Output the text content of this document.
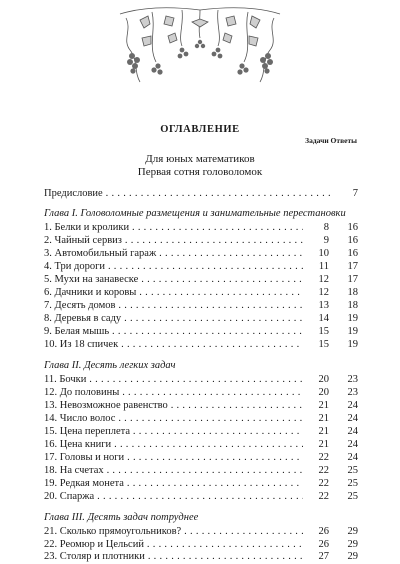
ОГЛАВЛЕНИЕ
Задачи Ответы
Для юных математиков
Первая сотня головоломок
Предисловие . . .	7
Глава I. Головоломные размещения и занимательные перестановки
1. Белки и кролики . . .	8	16
2. Чайный сервиз . . .	9	16
3. Автомобильный гараж . . .	10	16
4. Три дороги . . .	11	17
5. Мухи на занавеске . . .	12	17
6. Дачники и коровы . . .	12	18
7. Десять домов . . .	13	18
8. Деревья в саду . . .	14	19
9. Белая мышь . . .	15	19
10. Из 18 спичек . . .	15	19
Глава II. Десять легких задач
11. Бочки . . .	20	23
12. До половины . . .	20	23
13. Невозможное равенство . . .	21	24
14. Число волос . . .	21	24
15. Цена переплета . . .	21	24
16. Цена книги . . .	21	24
17. Головы и ноги . . .	22	24
18. На счетах . . .	22	25
19. Редкая монета . . .	22	25
20. Спаржа . . .	22	25
Глава III. Десять задач потруднее
21. Сколько прямоугольников? . . .	26	29
22. Реомюр и Цельсий . . .	26	29
23. Столяр и плотники . . .	27	29
